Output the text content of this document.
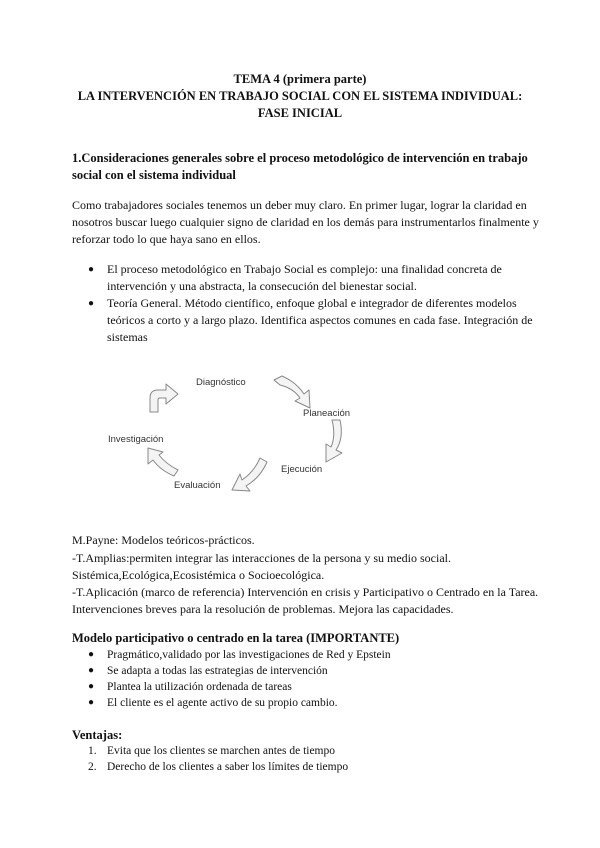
TEMA 4 (primera parte)
LA INTERVENCIÓN EN TRABAJO SOCIAL CON EL SISTEMA INDIVIDUAL:
FASE INICIAL
1.Consideraciones generales sobre el proceso metodológico de intervención en trabajo social con el sistema individual
Como trabajadores sociales tenemos un deber muy claro. En primer lugar, lograr la claridad en nosotros buscar luego cualquier signo de claridad en los demás para instrumentarlos finalmente y reforzar todo lo que haya sano en ellos.
● El proceso metodológico en Trabajo Social es complejo: una finalidad concreta de intervención y una abstracta, la consecución del bienestar social.
● Teoría General. Método científico, enfoque global e integrador de diferentes modelos teóricos a corto y a largo plazo. Identifica aspectos comunes en cada fase. Integración de sistemas
Diagnóstico
Planeación
Ejecución
Evaluación
Investigación
M.Payne: Modelos teóricos-prácticos.
-T.Amplias:permiten integrar las interacciones de la persona y su medio social. Sistémica,Ecológica,Ecosistémica o Socioecológica.
-T.Aplicación (marco de referencia) Intervención en crisis y Participativo o Centrado en la Tarea. Intervenciones breves para la resolución de problemas. Mejora las capacidades.
Modelo participativo o centrado en la tarea (IMPORTANTE)
● Pragmático,validado por las investigaciones de Red y Epstein
● Se adapta a todas las estrategias de intervención
● Plantea la utilización ordenada de tareas
● El cliente es el agente activo de su propio cambio.
Ventajas:
1. Evita que los clientes se marchen antes de tiempo
2. Derecho de los clientes a saber los límites de tiempo
